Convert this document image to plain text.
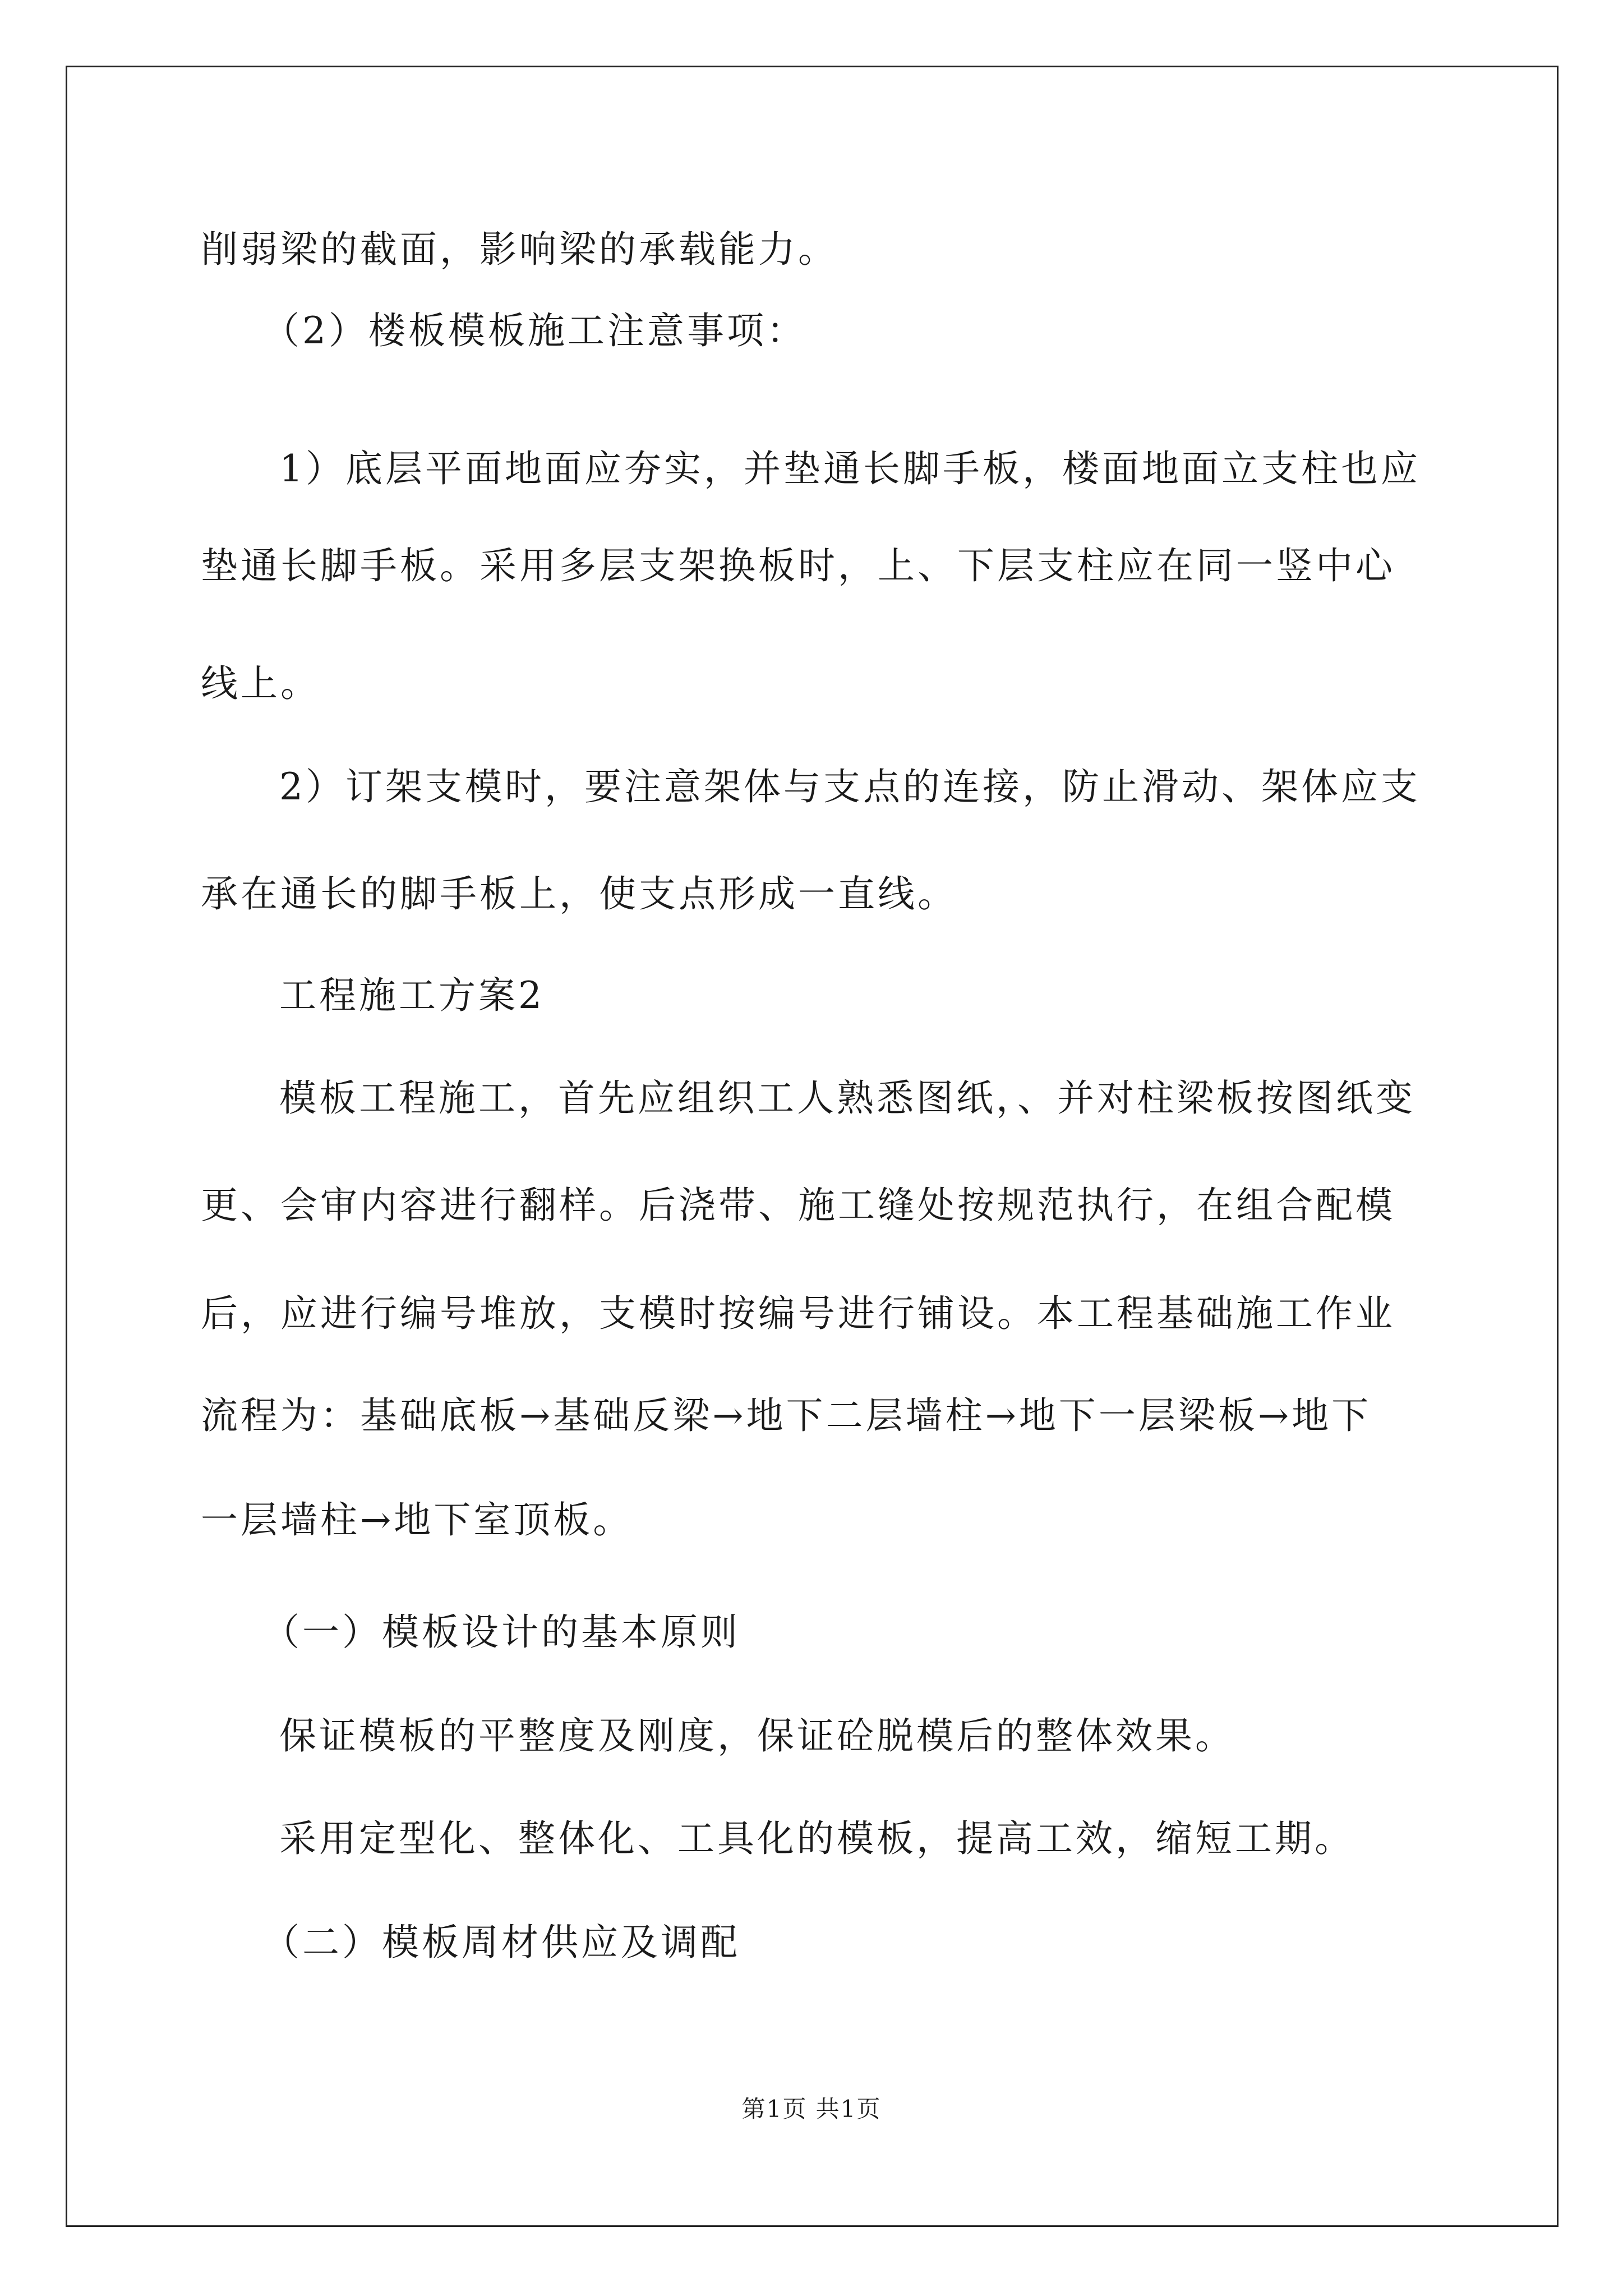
削弱梁的截面，影响梁的承载能力。
（2）楼板模板施工注意事项：
1）底层平面地面应夯实，并垫通长脚手板，楼面地面立支柱也应
垫通长脚手板。采用多层支架换板时，上、下层支柱应在同一竖中心
线上。
2）订架支模时，要注意架体与支点的连接，防止滑动、架体应支
承在通长的脚手板上，使支点形成一直线。
工程施工方案2
模板工程施工，首先应组织工人熟悉图纸，、并对柱梁板按图纸变
更、会审内容进行翻样。后浇带、施工缝处按规范执行，在组合配模
后，应进行编号堆放，支模时按编号进行铺设。本工程基础施工作业
流程为：基础底板→基础反梁→地下二层墙柱→地下一层梁板→地下
一层墙柱→地下室顶板。
（一）模板设计的基本原则
保证模板的平整度及刚度，保证砼脱模后的整体效果。
采用定型化、整体化、工具化的模板，提高工效，缩短工期。
（二）模板周材供应及调配
第1页 共1页
